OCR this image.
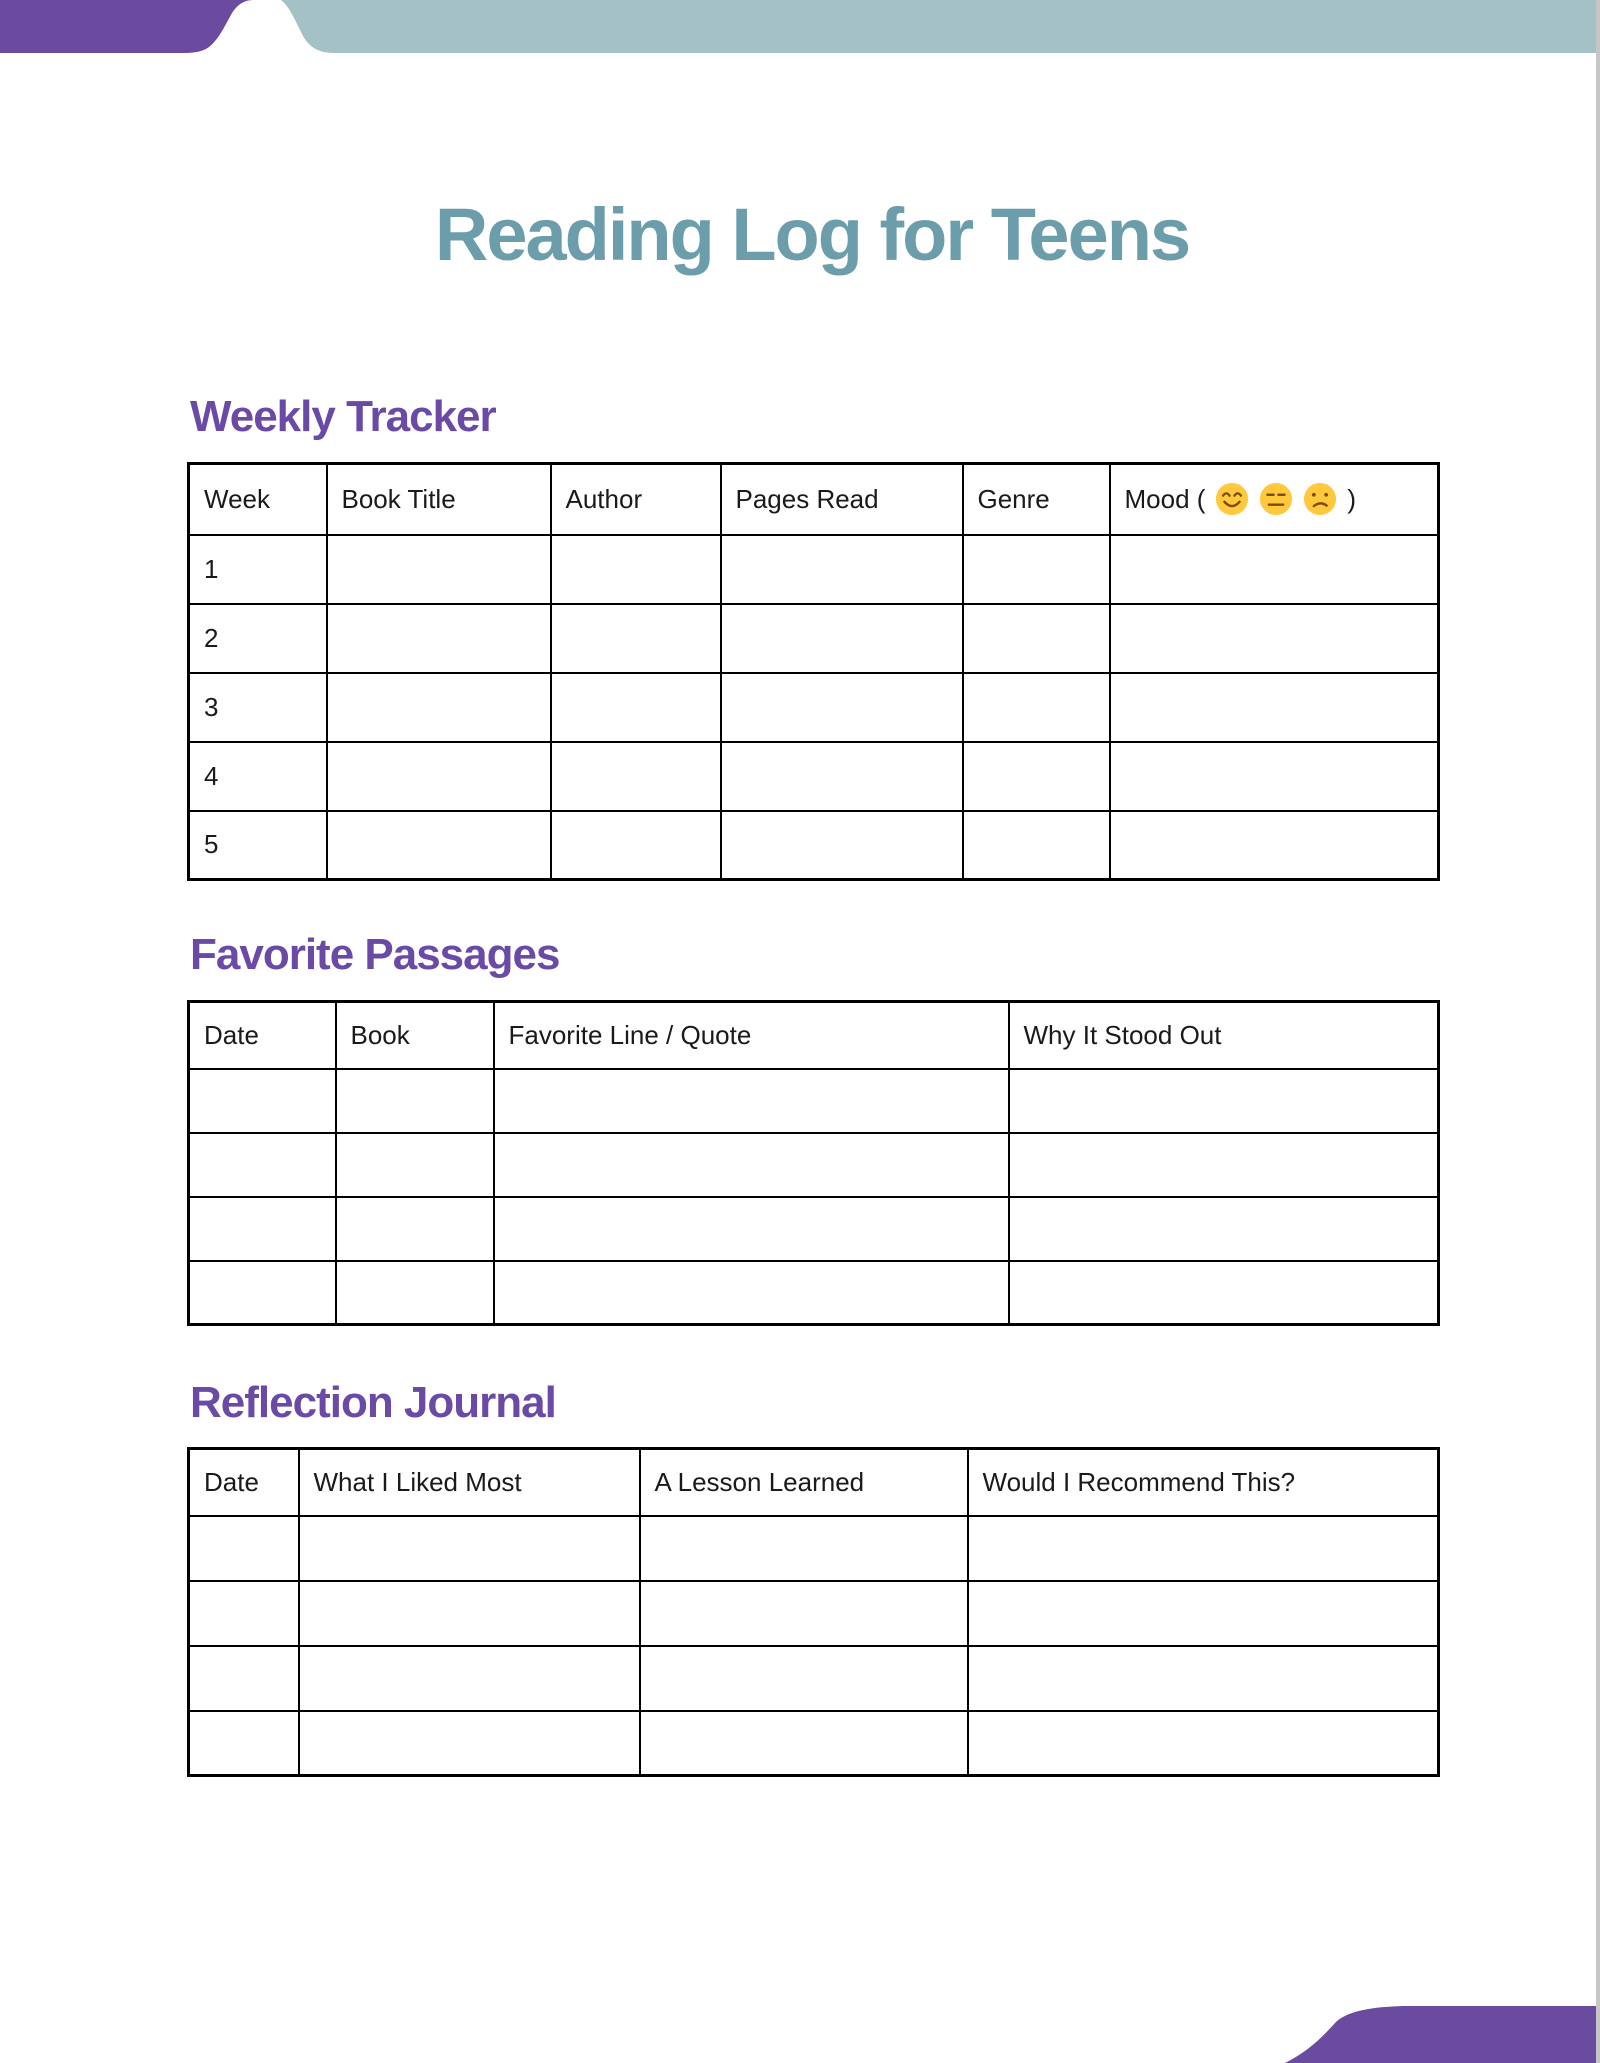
Reading Log for Teens
Weekly Tracker
Week	Book Title	Author	Pages Read	Genre	Mood ( )

1					
2					
3					
4					
5					
Favorite Passages
Date	Book	Favorite Line / Quote	Why It Stood Out

Reflection Journal
Date	What I Liked Most	A Lesson Learned	Would I Recommend This?
